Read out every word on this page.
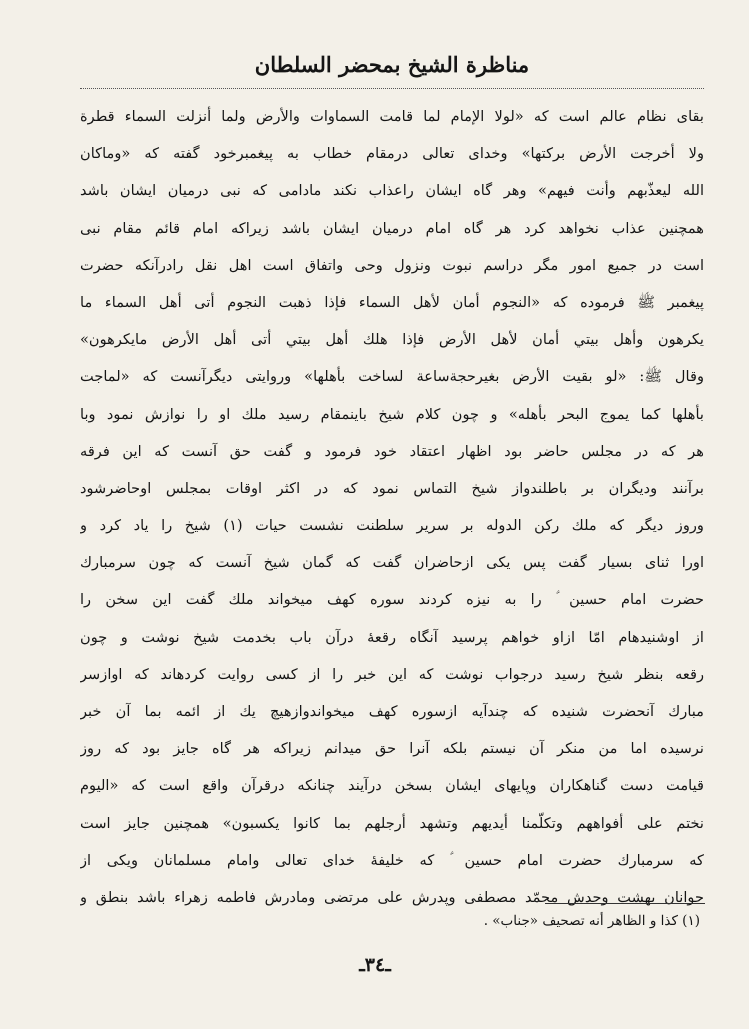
مناظرة الشيخ بمحضر السلطان
بقای نظام عالم است که «لولا الإمام لما قامت السماوات والأرض ولما أنزلت السماء قطرة
ولا أخرجت الأرض بركتها» وخدای تعالی درمقام خطاب به پيغمبرخود گفته كه «وماكان
الله ليعذّبهم وأنت فيهم» وهر گاه ايشان راعذاب نكند مادامی كه نبی درميان ايشان باشد
همچنين عذاب نخواهد كرد هر گاه امام درميان ايشان باشد زيراكه امام قائم مقام نبی
است در جميع امور مگر دراسم نبوت ونزول وحی واتفاق است اهل نقل رادرآنكه حضرت
پيغمبر ﷺ فرموده كه «النجوم أمان لأهل السماء فإذا ذهبت النجوم أتى أهل السماء ما
يكرهون وأهل بيتي أمان لأهل الأرض فإذا هلك أهل بيتي أتى أهل الأرض مايكرهون»
وقال ﷺ: «لو بقيت الأرض بغيرحجةساعة لساخت بأهلها» وروايتی ديگرآنست كه «لماجت
بأهلها كما يموج البحر بأهله» و چون كلام شيخ باينمقام رسيد ملك او را نوازش نمود وبا
هر كه در مجلس حاضر بود اظهار اعتقاد خود فرمود و گفت حق آنست كه اين فرقه
برآنند وديگران بر باطلندواز شيخ التماس نمود كه در اكثر اوقات بمجلس اوحاضرشود
وروز ديگر كه ملك ركن الدوله بر سرير سلطنت نشست حيات (١) شيخ را ياد كرد و
اورا ثنای بسيار گفت پس يكی ازحاضران گفت كه گمان شيخ آنست كه چون سرمبارك
حضرت امام حسين ؑ را به نيزه كردند سوره كهف ميخواند ملك گفت اين سخن را
از اوشنيدهام امّا ازاو خواهم پرسيد آنگاه رقعهٔ درآن باب بخدمت شيخ نوشت و چون
رقعه بنظر شيخ رسيد درجواب نوشت كه اين خبر را از كسی روايت كردهاند كه اوازسر
مبارك آنحضرت شنيده كه چندآيه ازسوره كهف ميخواندوازهيچ يك از ائمه بما آن خبر
نرسيده اما من منكر آن نيستم بلكه آنرا حق ميدانم زيراكه هر گاه جايز بود كه روز
قيامت دست گناهكاران وپايهای ايشان بسخن درآيند چنانكه درقرآن واقع است كه «اليوم
نختم على أفواههم وتكلّمنا أيديهم وتشهد أرجلهم بما كانوا يكسبون» همچنين جايز است
كه سرمبارك حضرت امام حسين ؑ كه خليفهٔ خدای تعالی وامام مسلمانان ويكی از
جوانان بهشت وجدش محمّد مصطفی وپدرش علی مرتضی ومادرش فاطمه زهراء باشد بنطق و
(١) كذا و الظاهر أنه تصحيف «جناب» .
ـ٣٤ـ
